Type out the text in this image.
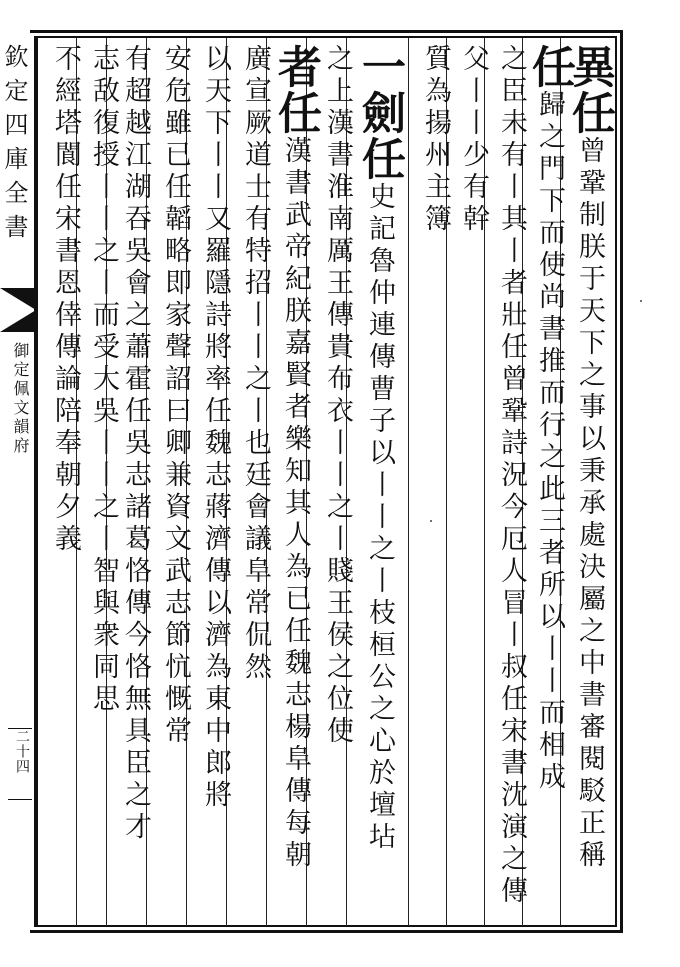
欽定四庫全書
御定佩文韻府
二十四
異任曾鞏制朕于天下之事以秉承處決屬之中書審閱駁正稱
任歸之門下而使尚書推而行之此三者所以丨丨而相成
之臣未有丨其丨者壯任曾鞏詩況今厄人冒丨叔任宋書沈演之傳
父丨丨少有幹
質為揚州主簿
一劍任史記魯仲連傳曹子以丨丨之丨枝桓公之心於壇坫
之上漢書淮南厲王傳貴布衣丨丨之丨賤王侯之位使
者任漢書武帝紀朕嘉賢者樂知其人為已任魏志楊阜傳每朝
廣宣厥道士有特招丨丨之丨也廷會議阜常侃然
以天下丨丨又羅隱詩將率任魏志蔣濟傳以濟為東中郎將
安危雖已任韜略即家聲詔曰卿兼資文武志節忼慨常
有超越江湖吞吳會之蕭霍任吳志諸葛恪傳今恪無具臣之才
志敌復授丨丨之丨而受大吳丨丨之丨智與衆同思
不經塔閬任宋書恩倖傳論陪奉朝夕義
